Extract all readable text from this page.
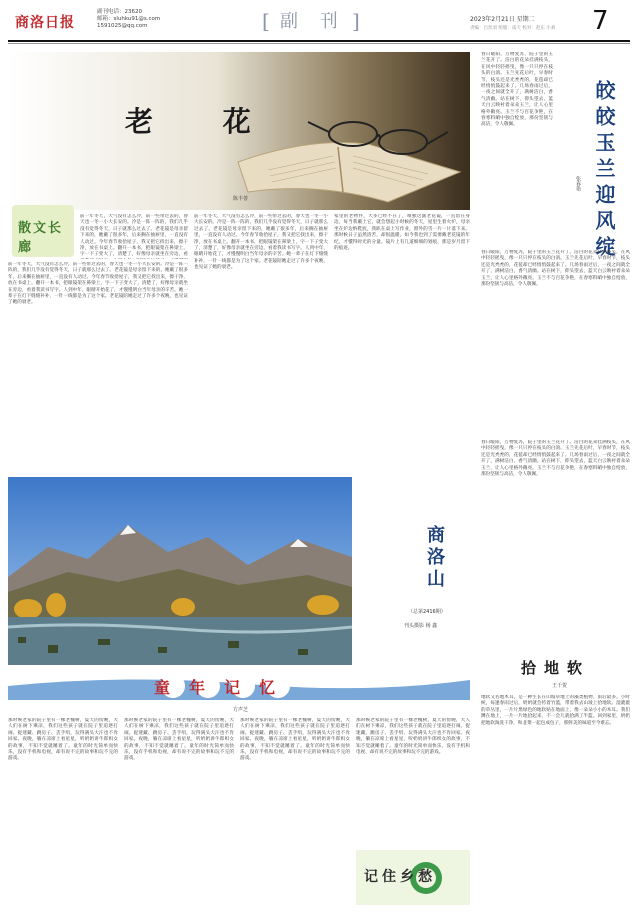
商洛日报
副刊电话：23620
邮箱：sluhku91@s.com
1591025@qq.com	[ 副 刊 ]	2023年2月21日 星期二
责编：吕丝羽 组版：南天 校对：赵东 小刘 7
老 花
陈丰善
散文长廊
前一年冬天，大气没有怎么冷，前一些带过去的，春天也一冬一小大长安的。冷是一阵一阵的，我们几乎没有觉得冬天，日子就那么过去了。老花镜是母亲留下来的，她戴了很多年，后来搁在抽屉里，一直没有人动过。今年春节收拾屋子，我又把它找出来，擦干净，放在书桌上。翻开一本书，把眼镜架在鼻梁上，字一下子变大了，清楚了，好像母亲就坐在旁边，看
前一年冬天，大气没有怎么冷，前一些带过去的，春天也一冬一小大长安的。冷是一阵一阵的，我们几乎没有觉得冬天，日子就那么过去了。老花镜是母亲留下来的，她戴了很多年，后来搁在抽屉里，一直没有人动过。今年春节收拾屋子，我又把它找出来，擦干净，放在书桌上。翻开一本书，把眼镜架在鼻梁上，字一下子变大了，清楚了，好像母亲就坐在旁边，看着我读书写字。人到中年，眼睛开始花了，才慢慢明白当年母亲的辛苦。她一辈子在灯下缝缝补补，一针一线都是为了这个家。老花镜陪她走过了许多个夜晚，也见证了她的衰老。
前一年冬天，大气没有怎么冷，前一些带过去的，春天也一冬一小大长安的。冷是一阵一阵的，我们几乎没有觉得冬天，日子就那么过去了。老花镜是母亲留下来的，她戴了很多年，后来搁在抽屉里，一直没有人动过。今年春节收拾屋子，我又把它找出来，擦干净，放在书桌上。翻开一本书，把眼镜架在鼻梁上，字一下子变大了，清楚了，好像母亲就坐在旁边，看着我读书写字。人到中年，眼睛开始花了，才慢慢明白当年母亲的辛苦。她一辈子在灯下缝缝补补，一针一线都是为了这个家。老花镜陪她走过了许多个夜晚，也见证了她的衰老。
家里的老物件，大多已经不在了，唯独这副老花镜，一直留在身边。每当我戴上它，就会想起小时候的冬天，屋里生着火炉，母亲坐在炉边纳鞋底，我趴在桌上写作业，窗外的雪一片一片落下来。那时候日子虽然清苦，却很温暖。如今我也到了需要戴老花镜的年纪，才懂得时光的分量。镜片上有几道细细的划痕，那是岁月留下的痕迹。
商洛山
（总第2416期）
刊头摄影 杨 鑫
春日暖阳，万物复苏，院子里的玉兰花开了。洁白的花朵挂满枝头，在风中轻轻摇曳，像一只只停在枝头的白鸽。玉兰先花后叶，早春时节，枝头还是光秃秃的，花苞却已经悄悄鼓起来了。几场春雨过后，一夜之间就全开了，满树洁白，香气清幽。站在树下，仰头望去，蓝天白云映衬着朵朵玉兰，让人心里格外敞亮。玉兰不与百花争艳，在春寒料峭中独自绽放，那份坚韧与高洁，令人敬佩。	皎皎玉兰迎风绽
张春艳
春日暖阳，万物复苏，院子里的玉兰花开了。洁白的花朵挂满枝头，在风中轻轻摇曳，像一只只停在枝头的白鸽。玉兰先花后叶，早春时节，枝头还是光秃秃的，花苞却已经悄悄鼓起来了。几场春雨过后，一夜之间就全开了，满树洁白，香气清幽。站在树下，仰头望去，蓝天白云映衬着朵朵玉兰，让人心里格外敞亮。玉兰不与百花争艳，在春寒料峭中独自绽放，那份坚韧与高洁，令人敬佩。
春日暖阳，万物复苏，院子里的玉兰花开了。洁白的花朵挂满枝头，在风中轻轻摇曳，像一只只停在枝头的白鸽。玉兰先花后叶，早春时节，枝头还是光秃秃的，花苞却已经悄悄鼓起来了。几场春雨过后，一夜之间就全开了，满树洁白，香气清幽。站在树下，仰头望去，蓝天白云映衬着朵朵玉兰，让人心里格外敞亮。玉兰不与百花争艳，在春寒料峭中独自绽放，那份坚韧与高洁，令人敬佩。
拾地软
王千贺
地软又名地木耳，是一种生长在山坡草地上的藻类植物，雨后最多。小时候，每逢春雨过后，奶奶就会挎着竹篮，带着我去山坡上拾地软。湿漉漉的草丛里，一片片黑绿色的地软贴在地面上，像一朵朵小小的木耳。我们蹲在地上，一片一片地拾起来，不一会儿就拾满了半篮。回到家里，奶奶把地软淘洗干净，和韭菜一起包成包子，那鲜美的味道至今难忘。
童年记忆
方声芝
那时候老家的院子里有一棵老槐树，夏天的傍晚，大人们在树下乘凉，我们这些孩子就在院子里追逐打闹。捉迷藏、跳房子、丢手绢，玩得满头大汗也不肯回家。夜晚，躺在凉席上看星星，听奶奶讲牛郎织女的故事，不知不觉就睡着了。童年的时光简单而快乐，没有手机和电视，却有说不完的故事和玩不完的游戏。
那时候老家的院子里有一棵老槐树，夏天的傍晚，大人们在树下乘凉，我们这些孩子就在院子里追逐打闹。捉迷藏、跳房子、丢手绢，玩得满头大汗也不肯回家。夜晚，躺在凉席上看星星，听奶奶讲牛郎织女的故事，不知不觉就睡着了。童年的时光简单而快乐，没有手机和电视，却有说不完的故事和玩不完的游戏。
那时候老家的院子里有一棵老槐树，夏天的傍晚，大人们在树下乘凉，我们这些孩子就在院子里追逐打闹。捉迷藏、跳房子、丢手绢，玩得满头大汗也不肯回家。夜晚，躺在凉席上看星星，听奶奶讲牛郎织女的故事，不知不觉就睡着了。童年的时光简单而快乐，没有手机和电视，却有说不完的故事和玩不完的游戏。
那时候老家的院子里有一棵老槐树，夏天的傍晚，大人们在树下乘凉，我们这些孩子就在院子里追逐打闹。捉迷藏、跳房子、丢手绢，玩得满头大汗也不肯回家。夜晚，躺在凉席上看星星，听奶奶讲牛郎织女的故事，不知不觉就睡着了。童年的时光简单而快乐，没有手机和电视，却有说不完的故事和玩不完的游戏。
记住乡愁
